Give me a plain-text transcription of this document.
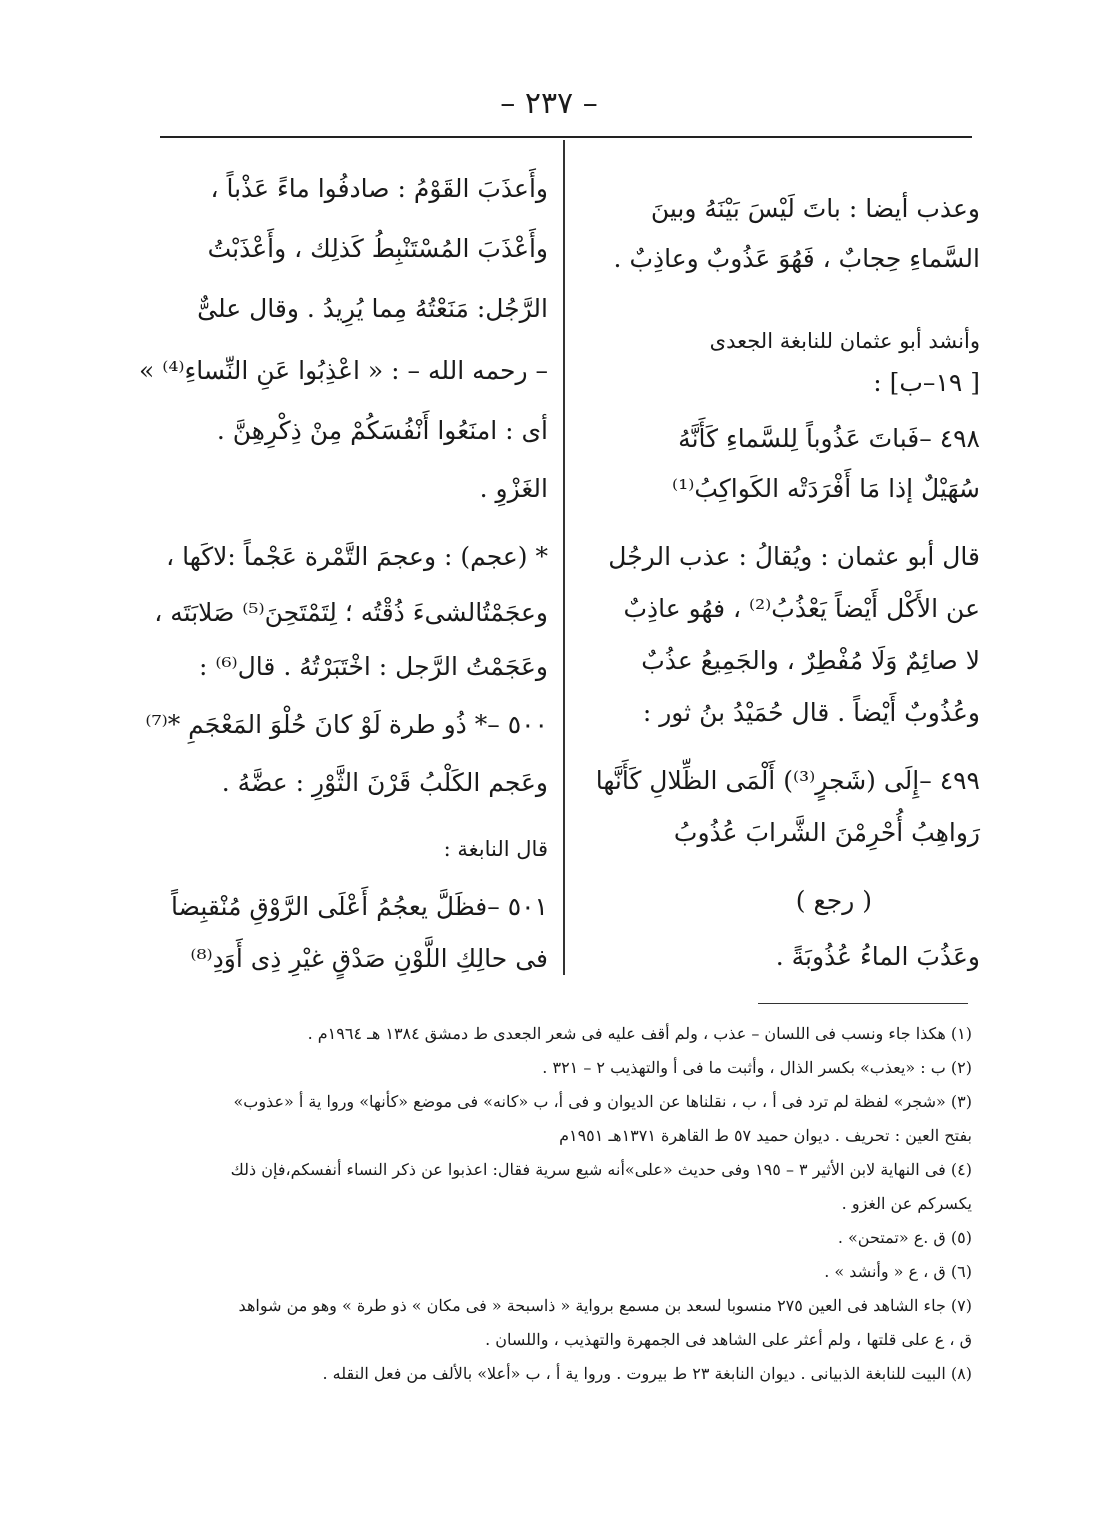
– ٢٣٧ –
وعذب أيضا : باتَ لَيْسَ بَيْنَهُ وبينَ
السَّماءِ حِجابٌ ، فَهُوَ عَذُوبٌ وعاذِبٌ .
وأنشد أبو عثمان للنابغة الجعدى
[ ١٩–ب] :
٤٩٨ –فَباتَ عَذُوباً لِلسَّماءِ كَأَنَّهُ
سُهَيْلٌ إذا مَا أَفْرَدَتْه الكَواكِبُ⁽¹⁾
قال أبو عثمان : ويُقالُ : عذب الرجُل
عن الأَكْل أَيْضاً يَعْذُبُ⁽²⁾ ، فهُو عاذِبٌ
لا صائِمٌ وَلَا مُفْطِرٌ ، والجَمِيعُ عذُبٌ
وعُذُوبٌ أَيْضاً . قال حُمَيْدُ بنُ ثور :
٤٩٩ –إِلَى (شَجرٍ⁽³⁾) أَلْمَى الظِّلالِ كَأَنَّها
رَواهِبُ أُحْرِمْنَ الشَّرابَ عُذُوبُ
( رجع )
وعَذُبَ الماءُ عُذُوبَةً .
وأَعذَبَ القَوْمُ : صادفُوا ماءً عَذْباً ،
وأَعْذَبَ المُسْتَنْبِطُ كَذلِك ، وأَعْذَبْتُ
الرَّجُل: مَنَعْتُهُ مِما يُرِيدُ . وقال علىٌّ
– رحمه الله – : « اعْذِبُوا عَنِ النِّساءِ⁽⁴⁾ »
أى : امنَعُوا أَنْفُسَكُمْ مِنْ ذِكْرِهِنَّ .
الغَزْوِ .
* (عجم) : وعجمَ التَّمْرة عَجْماً :لاكَها ،
وعجَمْتُالشىءَ ذُقْتُه ؛ لِتَمْتَحِنَ⁽⁵⁾ صَلابَتَه ،
وعَجَمْتُ الرَّجل : اخْتَبَرْتُهُ . قال⁽⁶⁾ :
٥٠٠ –* ذُو طرة لَوْ كانَ حُلْوَ المَعْجَمِ *⁽⁷⁾
وعَجم الكَلْبُ قَرْنَ الثَّوْرِ : عضَّهُ .
قال النابغة :
٥٠١ –فظَلَّ يعجُمُ أَعْلَى الرَّوْقِ مُنْقبِضاً
فى حالِكِ اللَّوْنِ صَدْقٍ غيْرِ ذِى أَوَدِ⁽⁸⁾
(١) هكذا جاء ونسب فى اللسان – عذب ، ولم أقف عليه فى شعر الجعدى ط دمشق ١٣٨٤ هـ ١٩٦٤م .
(٢) ب : «يعذب» بكسر الذال ، وأثبت ما فى أ والتهذيب ٢ – ٣٢١ .
(٣) «شجر» لفظة لم ترد فى أ ، ب ، نقلناها عن الديوان و فى أ، ب «كانه» فى موضع «كأنها» وروا ية أ «عذوب»
بفتح العين : تحريف . ديوان حميد ٥٧ ط القاهرة ١٣٧١هـ ١٩٥١م
(٤) فى النهاية لابن الأثير ٣ – ١٩٥ وفى حديث «على»أنه شيع سرية فقال: اعذبوا عن ذكر النساء أنفسكم،فإن ذلك
يكسركم عن الغزو .
(٥) ق .ع «تمتحن» .
(٦) ق ، ع « وأنشد » .
(٧) جاء الشاهد فى العين ٢٧٥ منسوبا لسعد بن مسمع برواية « ذاسبحة « فى مكان » ذو طرة » وهو من شواهد
ق ، ع على قلتها ، ولم أعثر على الشاهد فى الجمهرة والتهذيب ، واللسان .
(٨) البيت للنابغة الذبيانى . ديوان النابغة ٢٣ ط بيروت . وروا ية أ ، ب «أعلا» بالألف من فعل النقله .
